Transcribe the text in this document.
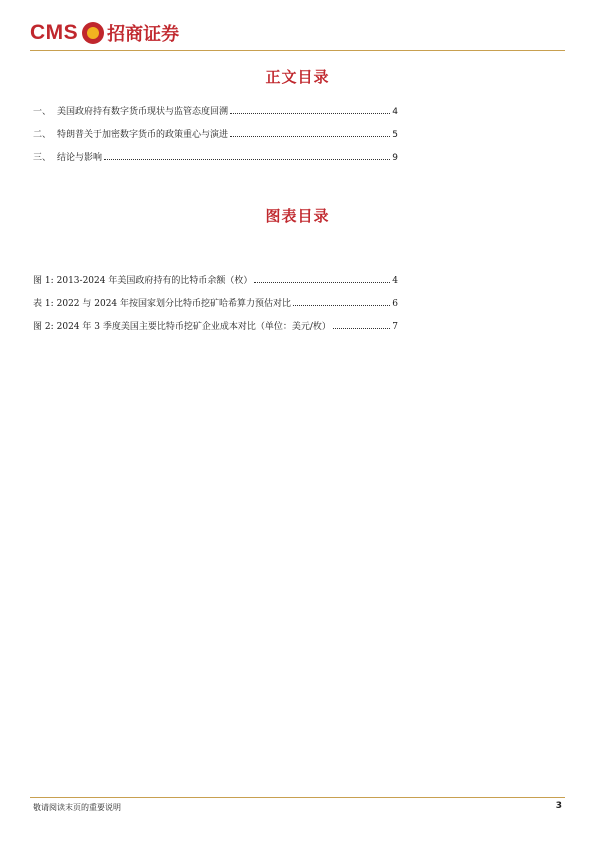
CMS 招商证券
正文目录
一、 美国政府持有数字货币现状与监管态度回溯	4
二、 特朗普关于加密数字货币的政策重心与演进	5
三、 结论与影响	9
图表目录
图 1: 2013-2024 年美国政府持有的比特币余额（枚）	4
表 1: 2022 与 2024 年按国家划分比特币挖矿哈希算力预估对比	6
图 2: 2024 年 3 季度美国主要比特币挖矿企业成本对比（单位：美元/枚）	7
敬请阅读末页的重要说明	3
